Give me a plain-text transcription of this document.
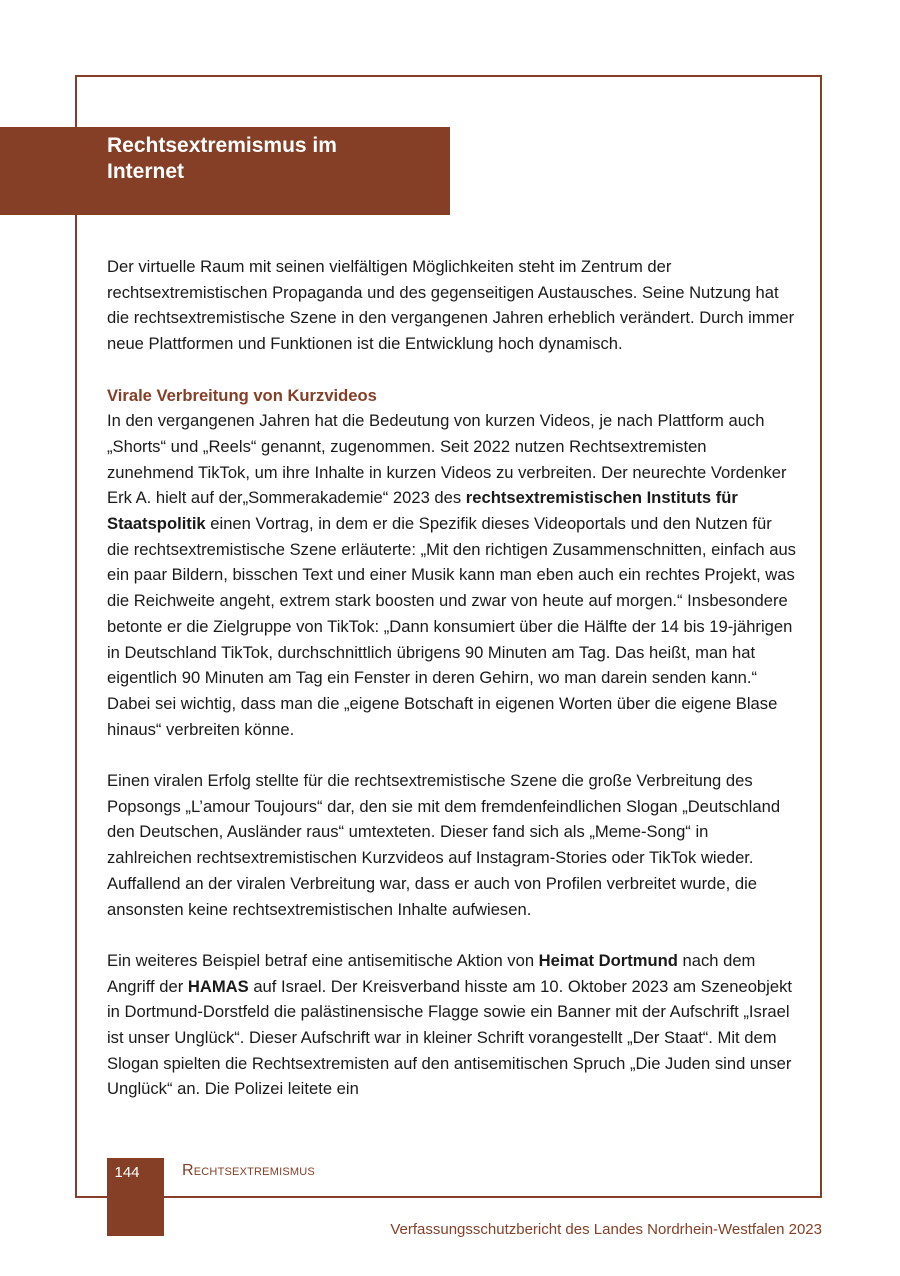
Rechtsextremismus im Internet

Der virtuelle Raum mit seinen vielfältigen Möglichkeiten steht im Zentrum der rechtsextremistischen Propaganda und des gegenseitigen Austausches. Seine Nutzung hat die rechtsextremistische Szene in den vergangenen Jahren erheblich verändert. Durch immer neue Plattformen und Funktionen ist die Entwicklung hoch dynamisch.

Virale Verbreitung von Kurzvideos

In den vergangenen Jahren hat die Bedeutung von kurzen Videos, je nach Plattform auch „Shorts“ und „Reels“ genannt, zugenommen. Seit 2022 nutzen Rechtsextremisten zunehmend TikTok, um ihre Inhalte in kurzen Videos zu verbreiten. Der neurechte Vordenker Erk A. hielt auf der„Sommerakademie“ 2023 des rechtsextremistischen Instituts für Staatspolitik einen Vortrag, in dem er die Spezifik dieses Videoportals und den Nutzen für die rechtsextremistische Szene erläuterte: „Mit den richtigen Zusammenschnitten, einfach aus ein paar Bildern, bisschen Text und einer Musik kann man eben auch ein rechtes Projekt, was die Reichweite angeht, extrem stark boosten und zwar von heute auf morgen.“ Insbesondere betonte er die Zielgruppe von TikTok: „Dann konsumiert über die Hälfte der 14 bis 19-jährigen in Deutschland TikTok, durchschnittlich übrigens 90 Minuten am Tag. Das heißt, man hat eigentlich 90 Minuten am Tag ein Fenster in deren Gehirn, wo man darein senden kann.“ Dabei sei wichtig, dass man die „eigene Botschaft in eigenen Worten über die eigene Blase hinaus“ verbreiten könne.

Einen viralen Erfolg stellte für die rechtsextremistische Szene die große Verbreitung des Popsongs „L’amour Toujours“ dar, den sie mit dem fremdenfeindlichen Slogan „Deutschland den Deutschen, Ausländer raus“ umtexteten. Dieser fand sich als „Meme-Song“ in zahlreichen rechtsextremistischen Kurzvideos auf Instagram-Stories oder TikTok wieder. Auffallend an der viralen Verbreitung war, dass er auch von Profilen verbreitet wurde, die ansonsten keine rechtsextremistischen Inhalte aufwiesen.

Ein weiteres Beispiel betraf eine antisemitische Aktion von Heimat Dortmund nach dem Angriff der HAMAS auf Israel. Der Kreisverband hisste am 10. Oktober 2023 am Szeneobjekt in Dortmund-Dorstfeld die palästinensische Flagge sowie ein Banner mit der Aufschrift „Israel ist unser Unglück“. Dieser Aufschrift war in kleiner Schrift vorangestellt „Der Staat“. Mit dem Slogan spielten die Rechtsextremisten auf den antisemitischen Spruch „Die Juden sind unser Unglück“ an. Die Polizei leitete ein

144	Rechtsextremismus
Verfassungsschutzbericht des Landes Nordrhein-Westfalen 2023
